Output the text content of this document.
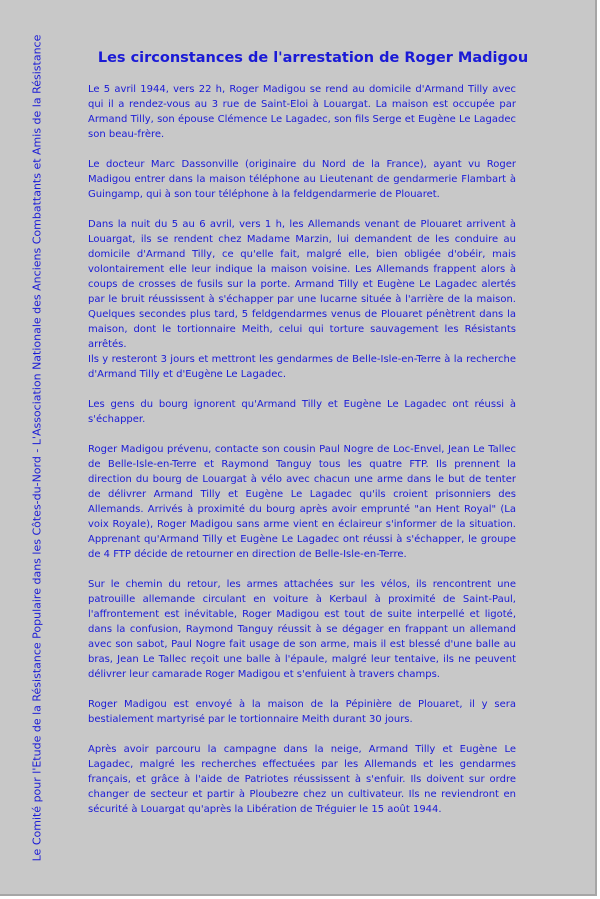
Le Comité pour l'Etude de la Résistance Populaire dans les Côtes-du-Nord - L'Association Nationale des Anciens Combattants et Amis de la Résistance	Les circonstances de l'arrestation de Roger Madigou

Le 5 avril 1944, vers 22 h, Roger Madigou se rend au domicile d'Armand Tilly avec qui il a rendez-vous au 3 rue de Saint-Eloi à Louargat. La maison est occupée par Armand Tilly, son épouse Clémence Le Lagadec, son fils Serge et Eugène Le Lagadec son beau-frère.

Le docteur Marc Dassonville (originaire du Nord de la France), ayant vu Roger Madigou entrer dans la maison téléphone au Lieutenant de gendarmerie Flambart à Guingamp, qui à son tour téléphone à la feldgendarmerie de Plouaret.

Dans la nuit du 5 au 6 avril, vers 1 h, les Allemands venant de Plouaret arrivent à Louargat, ils se rendent chez Madame Marzin, lui demandent de les conduire au domicile d'Armand Tilly, ce qu'elle fait, malgré elle, bien obligée d'obéir, mais volontairement elle leur indique la maison voisine. Les Allemands frappent alors à coups de crosses de fusils sur la porte. Armand Tilly et Eugène Le Lagadec alertés par le bruit réussissent à s'échapper par une lucarne située à l'arrière de la maison. Quelques secondes plus tard, 5 feldgendarmes venus de Plouaret pénètrent dans la maison, dont le tortionnaire Meith, celui qui torture sauvagement les Résistants arrêtés.

Ils y resteront 3 jours et mettront les gendarmes de Belle-Isle-en-Terre à la recherche d'Armand Tilly et d'Eugène Le Lagadec.

Les gens du bourg ignorent qu'Armand Tilly et Eugène Le Lagadec ont réussi à s'échapper.

Roger Madigou prévenu, contacte son cousin Paul Nogre de Loc-Envel, Jean Le Tallec de Belle-Isle-en-Terre et Raymond Tanguy tous les quatre FTP. Ils prennent la direction du bourg de Louargat à vélo avec chacun une arme dans le but de tenter de délivrer Armand Tilly et Eugène Le Lagadec qu'ils croient prisonniers des Allemands. Arrivés à proximité du bourg après avoir emprunté "an Hent Royal" (La voix Royale), Roger Madigou sans arme vient en éclaireur s'informer de la situation. Apprenant qu'Armand Tilly et Eugène Le Lagadec ont réussi à s'échapper, le groupe de 4 FTP décide de retourner en direction de Belle-Isle-en-Terre.

Sur le chemin du retour, les armes attachées sur les vélos, ils rencontrent une patrouille allemande circulant en voiture à Kerbaul à proximité de Saint-Paul, l'affrontement est inévitable, Roger Madigou est tout de suite interpellé et ligoté, dans la confusion, Raymond Tanguy réussit à se dégager en frappant un allemand avec son sabot, Paul Nogre fait usage de son arme, mais il est blessé d'une balle au bras, Jean Le Tallec reçoit une balle à l'épaule, malgré leur tentaive, ils ne peuvent délivrer leur camarade Roger Madigou et s'enfuient à travers champs.

Roger Madigou est envoyé à la maison de la Pépinière de Plouaret, il y sera bestialement martyrisé par le tortionnaire Meith durant 30 jours.

Après avoir parcouru la campagne dans la neige, Armand Tilly et Eugène Le Lagadec, malgré les recherches effectuées par les Allemands et les gendarmes français, et grâce à l'aide de Patriotes réussissent à s'enfuir. Ils doivent sur ordre changer de secteur et partir à Ploubezre chez un cultivateur. Ils ne reviendront en sécurité à Louargat qu'après la Libération de Tréguier le 15 août 1944.
